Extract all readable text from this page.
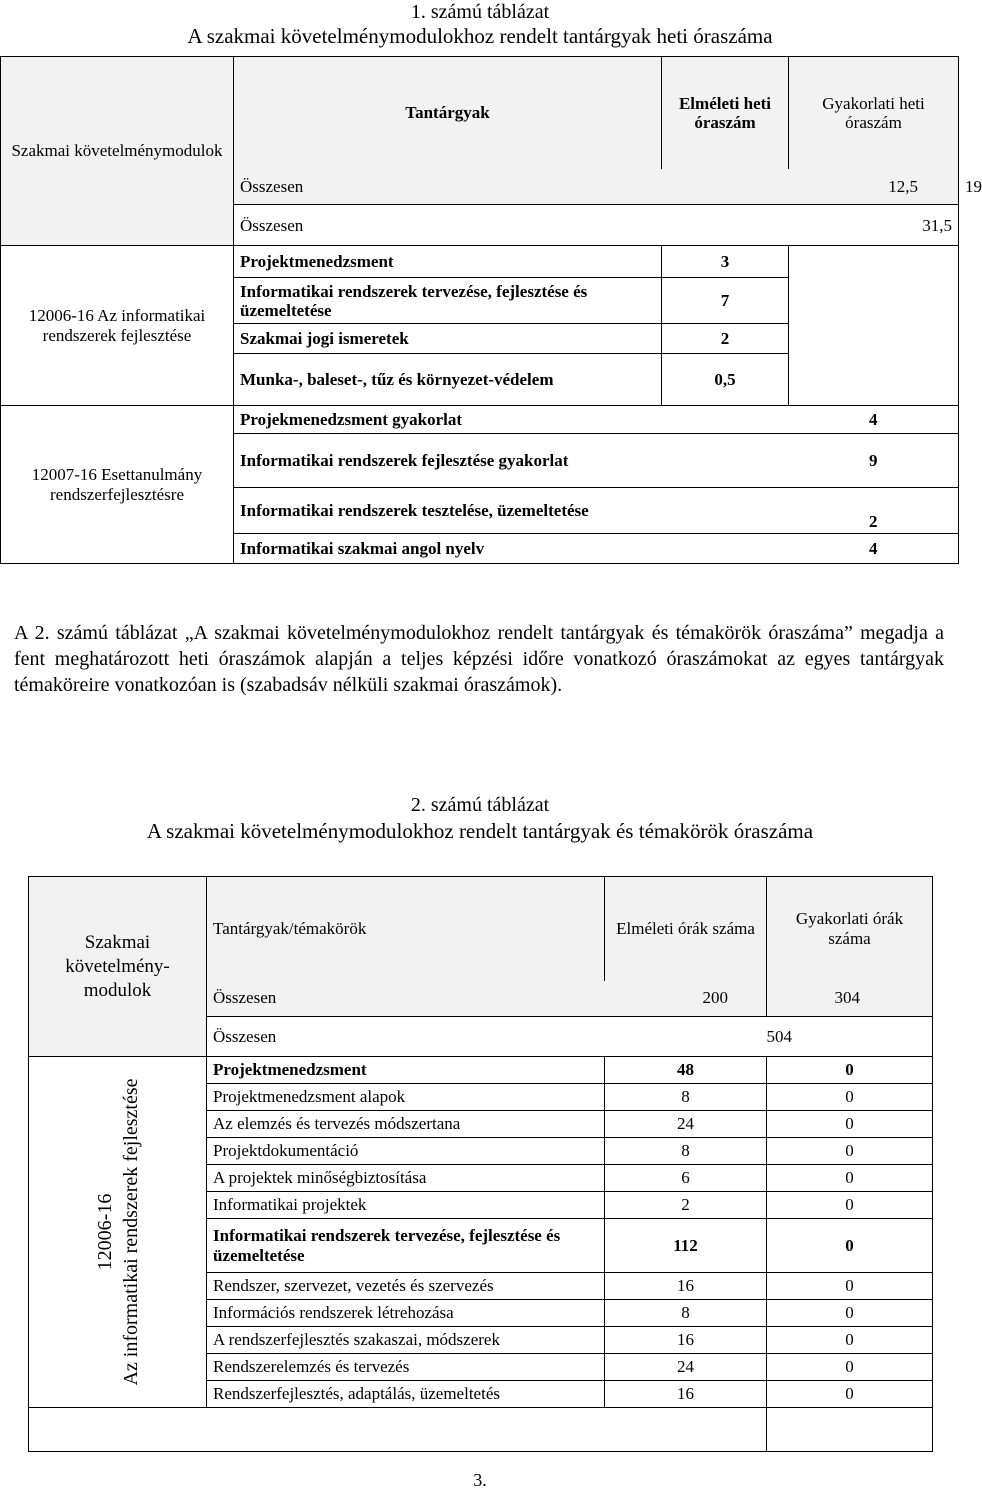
1. számú táblázat
A szakmai követelménymodulokhoz rendelt tantárgyak heti óraszáma
Szakmai követelménymodulok	Tantárgyak	Elméleti heti óraszám	Gyakorlati heti óraszám	
	Összesen		12,5	19
	Összesen		31,5	
12006-16 Az informatikai rendszerek fejlesztése	Projektmenedzsment	3		
	Informatikai rendszerek tervezése, fejlesztése és üzemeltetése	7		
	Szakmai jogi ismeretek	2		
	Munka-, baleset-, tűz és környezet-védelem	0,5		
12007-16 Esettanulmány rendszerfejlesztésre	Projekmenedzsment gyakorlat		4	
	Informatikai rendszerek fejlesztése gyakorlat		9	
	Informatikai rendszerek tesztelése, üzemeltetése		2	
	Informatikai szakmai angol nyelv		4	
A 2. számú táblázat „A szakmai követelménymodulokhoz rendelt tantárgyak és témakörök óraszáma” megadja a fent meghatározott heti óraszámok alapján a teljes képzési időre vonatkozó óraszámokat az egyes tantárgyak témaköreire vonatkozóan is (szabadsáv nélküli szakmai óraszámok).
2. számú táblázat
A szakmai követelménymodulokhoz rendelt tantárgyak és témakörök óraszáma
Szakmai követelmény-modulok	Tantárgyak/témakörök	Elméleti órák száma	Gyakorlati órák száma
	Összesen	200	304
	Összesen		504

12006-16 Az informatikai rendszerek fejlesztése	Projektmenedzsment	48	0
	Projektmenedzsment alapok	8	0
	Az elemzés és tervezés módszertana	24	0
	Projektdokumentáció	8	0
	A projektek minőségbiztosítása	6	0
	Informatikai projektek	2	0
	Informatikai rendszerek tervezése, fejlesztése és üzemeltetése	112	0
	Rendszer, szervezet, vezetés és szervezés	16	0
	Információs rendszerek létrehozása	8	0
	A rendszerfejlesztés szakaszai, módszerek	16	0
	Rendszerelemzés és tervezés	24	0
	Rendszerfejlesztés, adaptálás, üzemeltetés	16	0

3.
